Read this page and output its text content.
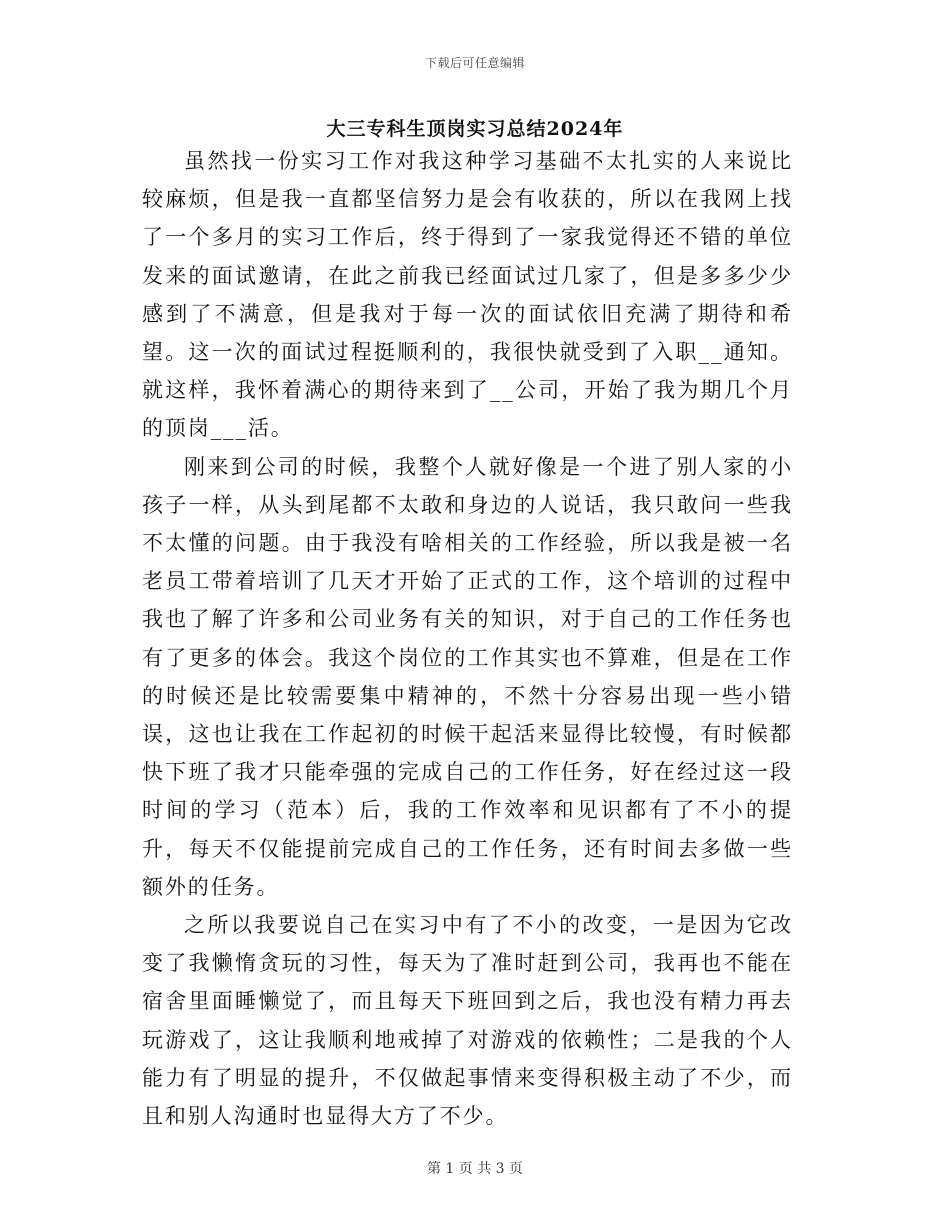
下载后可任意编辑
大三专科生顶岗实习总结2024年

虽然找一份实习工作对我这种学习基础不太扎实的人来说比较麻烦，但是我一直都坚信努力是会有收获的，所以在我网上找了一个多月的实习工作后，终于得到了一家我觉得还不错的单位发来的面试邀请，在此之前我已经面试过几家了，但是多多少少感到了不满意，但是我对于每一次的面试依旧充满了期待和希望。这一次的面试过程挺顺利的，我很快就受到了入职__通知。就这样，我怀着满心的期待来到了__公司，开始了我为期几个月的顶岗___活。

刚来到公司的时候，我整个人就好像是一个进了别人家的小孩子一样，从头到尾都不太敢和身边的人说话，我只敢问一些我不太懂的问题。由于我没有啥相关的工作经验，所以我是被一名老员工带着培训了几天才开始了正式的工作，这个培训的过程中我也了解了许多和公司业务有关的知识，对于自己的工作任务也有了更多的体会。我这个岗位的工作其实也不算难，但是在工作的时候还是比较需要集中精神的，不然十分容易出现一些小错误，这也让我在工作起初的时候干起活来显得比较慢，有时候都快下班了我才只能牵强的完成自己的工作任务，好在经过这一段时间的学习（范本）后，我的工作效率和见识都有了不小的提升，每天不仅能提前完成自己的工作任务，还有时间去多做一些额外的任务。

之所以我要说自己在实习中有了不小的改变，一是因为它改变了我懒惰贪玩的习性，每天为了准时赶到公司，我再也不能在宿舍里面睡懒觉了，而且每天下班回到之后，我也没有精力再去玩游戏了，这让我顺利地戒掉了对游戏的依赖性；二是我的个人能力有了明显的提升，不仅做起事情来变得积极主动了不少，而且和别人沟通时也显得大方了不少。

第 1 页 共 3 页
